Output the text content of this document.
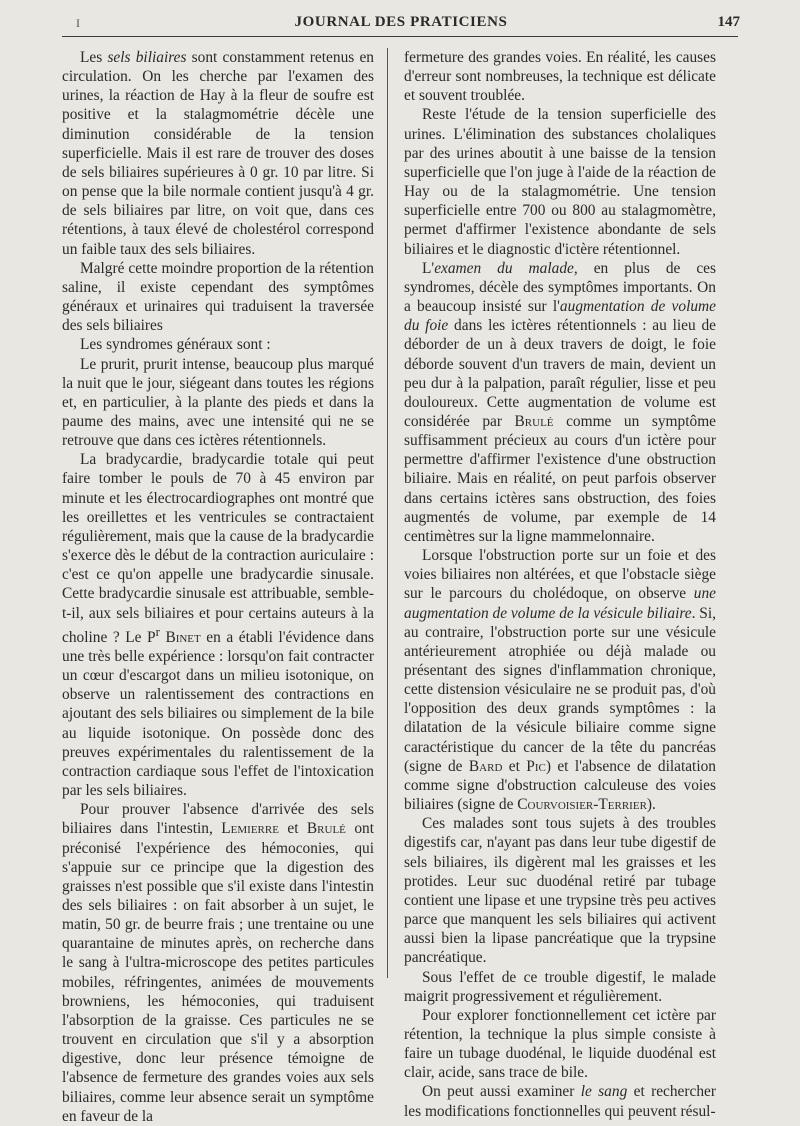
I	JOURNAL DES PRATICIENS	147

Les sels biliaires sont constamment retenus en circulation. On les cherche par l'examen des urines, la réaction de Hay à la fleur de soufre est positive et la stalagmométrie décèle une diminution considérable de la tension superficielle. Mais il est rare de trouver des doses de sels biliaires supérieures à 0 gr. 10 par litre. Si on pense que la bile normale contient jusqu'à 4 gr. de sels biliaires par litre, on voit que, dans ces rétentions, à taux élevé de cholestérol correspond un faible taux des sels biliaires.

Malgré cette moindre proportion de la rétention saline, il existe cependant des symptômes généraux et urinaires qui traduisent la traversée des sels biliaires

Les syndromes généraux sont :

Le prurit, prurit intense, beaucoup plus marqué la nuit que le jour, siégeant dans toutes les régions et, en particulier, à la plante des pieds et dans la paume des mains, avec une intensité qui ne se retrouve que dans ces ictères rétentionnels.

La bradycardie, bradycardie totale qui peut faire tomber le pouls de 70 à 45 environ par minute et les électrocardiographes ont montré que les oreillettes et les ventricules se contractaient régulièrement, mais que la cause de la bradycardie s'exerce dès le début de la contraction auriculaire : c'est ce qu'on appelle une bradycardie sinusale. Cette bradycardie sinusale est attribuable, semble-t-il, aux sels biliaires et pour certains auteurs à la choline ? Le $P^r$ Binet en a établi l'évidence dans une très belle expérience : lorsqu'on fait contracter un cœur d'escargot dans un milieu isotonique, on observe un ralentissement des contractions en ajoutant des sels biliaires ou simplement de la bile au liquide isotonique. On possède donc des preuves expérimentales du ralentissement de la contraction cardiaque sous l'effet de l'intoxication par les sels biliaires.

Pour prouver l'absence d'arrivée des sels biliaires dans l'intestin, Lemierre et Brulé ont préconisé l'expérience des hémoconies, qui s'appuie sur ce principe que la digestion des graisses n'est possible que s'il existe dans l'intestin des sels biliaires : on fait absorber à un sujet, le matin, 50 gr. de beurre frais ; une trentaine ou une quarantaine de minutes après, on recherche dans le sang à l'ultra-microscope des petites particules mobiles, réfringentes, animées de mouvements browniens, les hémoconies, qui traduisent l'absorption de la graisse. Ces particules ne se trouvent en circulation que s'il y a absorption digestive, donc leur présence témoigne de l'absence de fermeture des grandes voies aux sels biliaires, comme leur absence serait un symptôme en faveur de la

fermeture des grandes voies. En réalité, les causes d'erreur sont nombreuses, la technique est délicate et souvent troublée.

Reste l'étude de la tension superficielle des urines. L'élimination des substances cholaliques par des urines aboutit à une baisse de la tension superficielle que l'on juge à l'aide de la réaction de Hay ou de la stalagmométrie. Une tension superficielle entre 700 ou 800 au stalagmomètre, permet d'affirmer l'existence abondante de sels biliaires et le diagnostic d'ictère rétentionnel.

L'examen du malade, en plus de ces syndromes, décèle des symptômes importants. On a beaucoup insisté sur l'augmentation de volume du foie dans les ictères rétentionnels : au lieu de déborder de un à deux travers de doigt, le foie déborde souvent d'un travers de main, devient un peu dur à la palpation, paraît régulier, lisse et peu douloureux. Cette augmentation de volume est considérée par Brulé comme un symptôme suffisamment précieux au cours d'un ictère pour permettre d'affirmer l'existence d'une obstruction biliaire. Mais en réalité, on peut parfois observer dans certains ictères sans obstruction, des foies augmentés de volume, par exemple de 14 centimètres sur la ligne mammelonnaire.

Lorsque l'obstruction porte sur un foie et des voies biliaires non altérées, et que l'obstacle siège sur le parcours du cholédoque, on observe une augmentation de volume de la vésicule biliaire. Si, au contraire, l'obstruction porte sur une vésicule antérieurement atrophiée ou déjà malade ou présentant des signes d'inflammation chronique, cette distension vésiculaire ne se produit pas, d'où l'opposition des deux grands symptômes : la dilatation de la vésicule biliaire comme signe caractéristique du cancer de la tête du pancréas (signe de Bard et Pic) et l'absence de dilatation comme signe d'obstruction calculeuse des voies biliaires (signe de Courvoisier-Terrier).

Ces malades sont tous sujets à des troubles digestifs car, n'ayant pas dans leur tube digestif de sels biliaires, ils digèrent mal les graisses et les protides. Leur suc duodénal retiré par tubage contient une lipase et une trypsine très peu actives parce que manquent les sels biliaires qui activent aussi bien la lipase pancréatique que la trypsine pancréatique.

Sous l'effet de ce trouble digestif, le malade maigrit progressivement et régulièrement.

Pour explorer fonctionnellement cet ictère par rétention, la technique la plus simple consiste à faire un tubage duodénal, le liquide duodénal est clair, acide, sans trace de bile.

On peut aussi examiner le sang et rechercher les modifications fonctionnelles qui peuvent résul-
